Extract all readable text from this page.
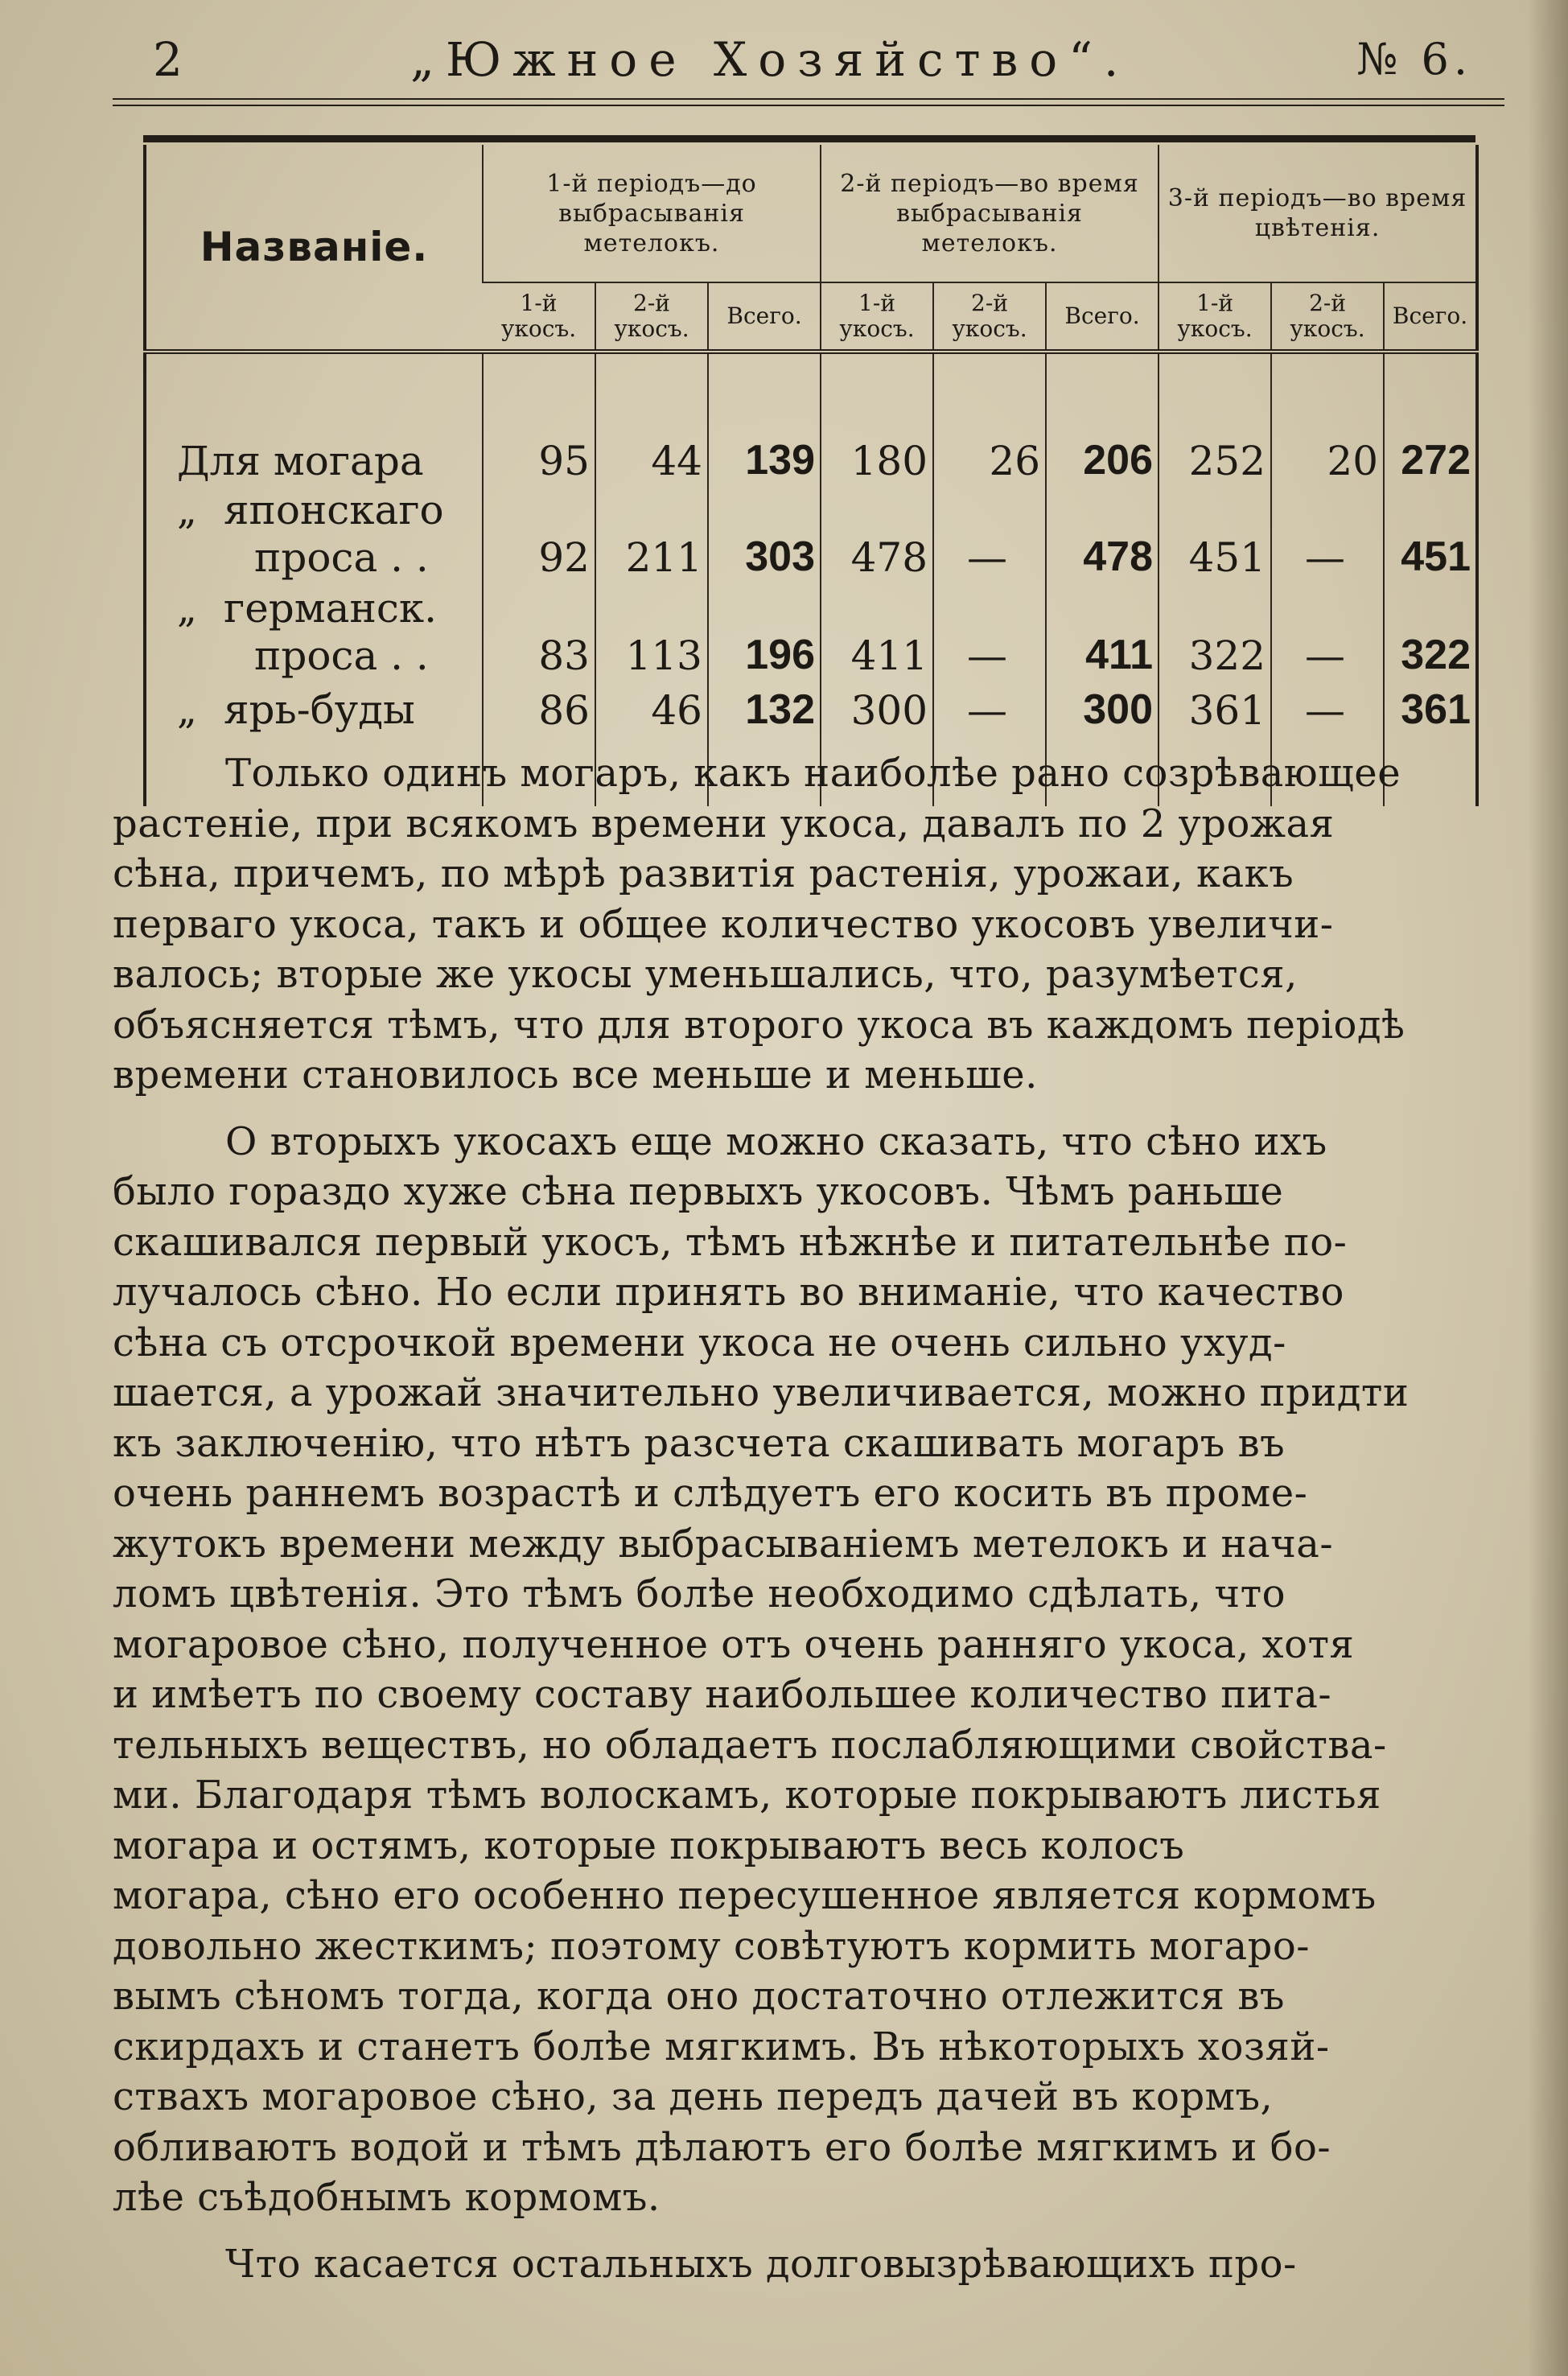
2	„Южное Хозяйство“.	№ 6.
Названiе.	1-й перiодъ—до выбрасыванiя метелокъ.			2-й перiодъ—во время выбрасыванiя метелокъ.			3-й перiодъ—во время цвѣтенiя.		
	1-й укосъ.	2-й укосъ.	Всего.	1-й укосъ.	2-й укосъ.	Всего.	1-й укосъ.	2-й укосъ.	Всего.
Для могара	95	44	139	180	26	206	252	20	272
„ японскаго
проса . .	92	211	303	478	—	478	451	—	451
„ германск.
проса . .	83	113	196	411	—	411	322	—	322
„ ярь-буды	86	46	132	300	—	300	361	—	361

Только одинъ могаръ, какъ наиболѣе рано созрѣвающее
растенiе, при всякомъ времени укоса, давалъ по 2 урожая
сѣна, причемъ, по мѣрѣ развитiя растенiя, урожаи, какъ
перваго укоса, такъ и общее количество укосовъ увеличи-
валось; вторые же укосы уменьшались, что, разумѣется,
объясняется тѣмъ, что для второго укоса въ каждомъ перiодѣ
времени становилось все меньше и меньше.
О вторыхъ укосахъ еще можно сказать, что сѣно ихъ
было гораздо хуже сѣна первыхъ укосовъ. Чѣмъ раньше
скашивался первый укосъ, тѣмъ нѣжнѣе и питательнѣе по-
лучалось сѣно. Но если принять во вниманiе, что качество
сѣна съ отсрочкой времени укоса не очень сильно ухуд-
шается, а урожай значительно увеличивается, можно придти
къ заключенiю, что нѣтъ разсчета скашивать могаръ въ
очень раннемъ возрастѣ и слѣдуетъ его косить въ проме-
жутокъ времени между выбрасыванiемъ метелокъ и нача-
ломъ цвѣтенiя. Это тѣмъ болѣе необходимо сдѣлать, что
могаровое сѣно, полученное отъ очень ранняго укоса, хотя
и имѣетъ по своему составу наибольшее количество пита-
тельныхъ веществъ, но обладаетъ послабляющими свойства-
ми. Благодаря тѣмъ волоскамъ, которые покрываютъ листья
могара и остямъ, которые покрываютъ весь колосъ
могара, сѣно его особенно пересушенное является кормомъ
довольно жесткимъ; поэтому совѣтуютъ кормить могаро-
вымъ сѣномъ тогда, когда оно достаточно отлежится въ
скирдахъ и станетъ болѣе мягкимъ. Въ нѣкоторыхъ хозяй-
ствахъ могаровое сѣно, за день передъ дачей въ кормъ,
обливаютъ водой и тѣмъ дѣлаютъ его болѣе мягкимъ и бо-
лѣе съѣдобнымъ кормомъ.
Что касается остальныхъ долговызрѣвающихъ про-
